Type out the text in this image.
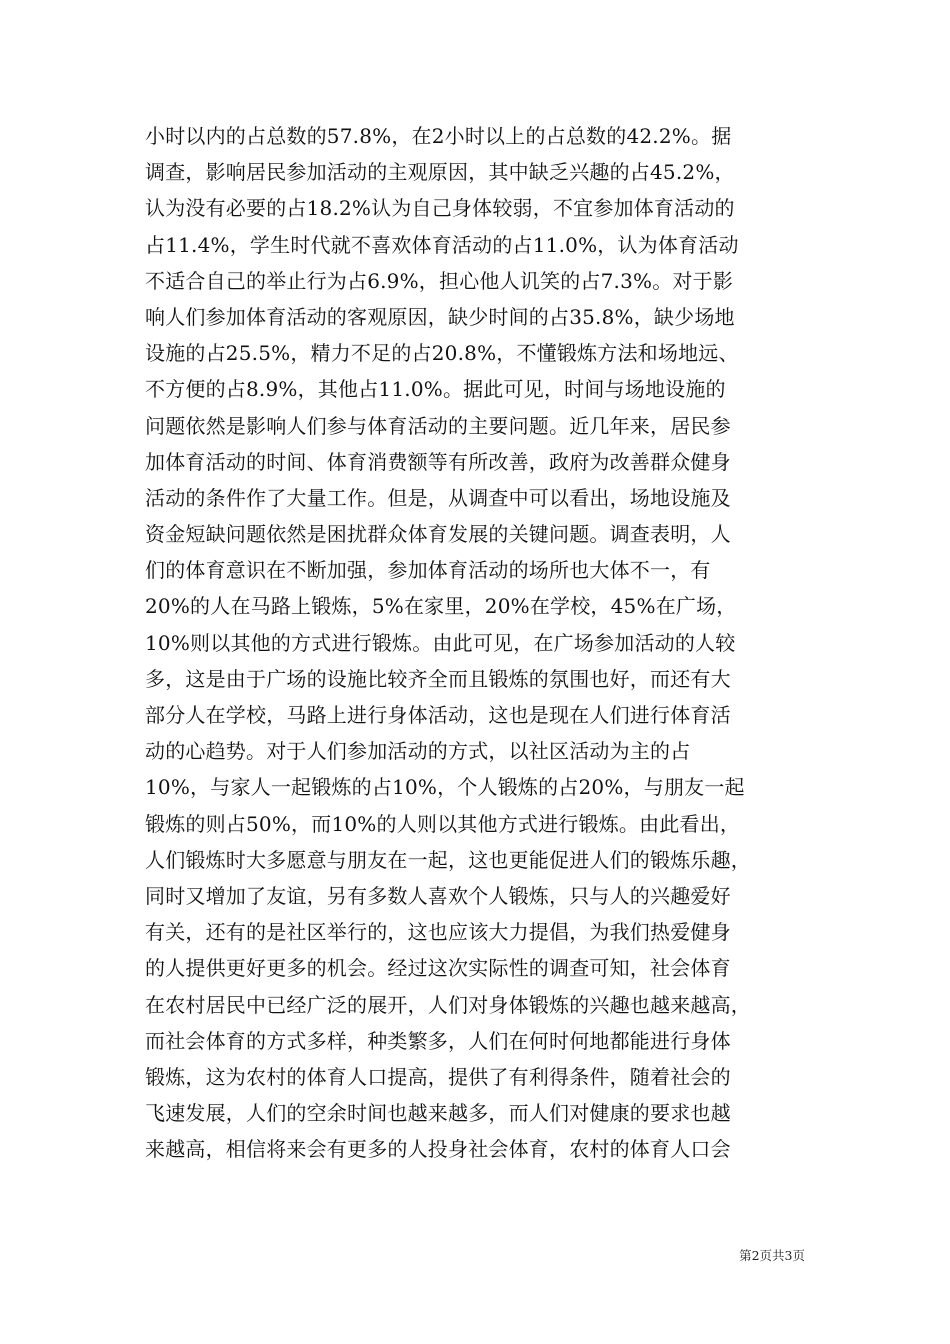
小时以内的占总数的57.8%，在2小时以上的占总数的42.2%。据
调查，影响居民参加活动的主观原因，其中缺乏兴趣的占45.2%，
认为没有必要的占18.2%认为自己身体较弱，不宜参加体育活动的
占11.4%，学生时代就不喜欢体育活动的占11.0%，认为体育活动
不适合自己的举止行为占6.9%，担心他人讥笑的占7.3%。对于影
响人们参加体育活动的客观原因，缺少时间的占35.8%，缺少场地
设施的占25.5%，精力不足的占20.8%，不懂锻炼方法和场地远、
不方便的占8.9%，其他占11.0%。据此可见，时间与场地设施的
问题依然是影响人们参与体育活动的主要问题。近几年来，居民参
加体育活动的时间、体育消费额等有所改善，政府为改善群众健身
活动的条件作了大量工作。但是，从调查中可以看出，场地设施及
资金短缺问题依然是困扰群众体育发展的关键问题。调查表明，人
们的体育意识在不断加强，参加体育活动的场所也大体不一，有
20%的人在马路上锻炼，5%在家里，20%在学校，45%在广场，
10%则以其他的方式进行锻炼。由此可见，在广场参加活动的人较
多，这是由于广场的设施比较齐全而且锻炼的氛围也好，而还有大
部分人在学校，马路上进行身体活动，这也是现在人们进行体育活
动的心趋势。对于人们参加活动的方式，以社区活动为主的占
10%，与家人一起锻炼的占10%，个人锻炼的占20%，与朋友一起
锻炼的则占50%，而10%的人则以其他方式进行锻炼。由此看出，
人们锻炼时大多愿意与朋友在一起，这也更能促进人们的锻炼乐趣，
同时又增加了友谊，另有多数人喜欢个人锻炼，只与人的兴趣爱好
有关，还有的是社区举行的，这也应该大力提倡，为我们热爱健身
的人提供更好更多的机会。经过这次实际性的调查可知，社会体育
在农村居民中已经广泛的展开，人们对身体锻炼的兴趣也越来越高，
而社会体育的方式多样，种类繁多，人们在何时何地都能进行身体
锻炼，这为农村的体育人口提高，提供了有利得条件，随着社会的
飞速发展，人们的空余时间也越来越多，而人们对健康的要求也越
来越高，相信将来会有更多的人投身社会体育，农村的体育人口会
第2页共3页
